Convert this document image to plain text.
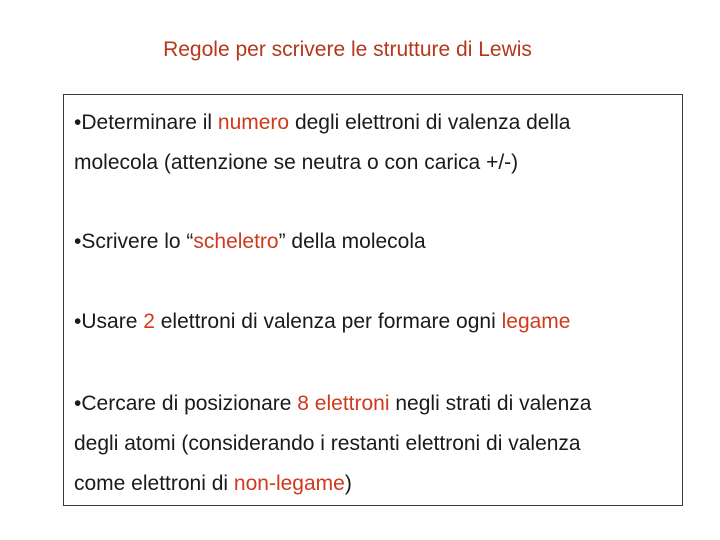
Regole per scrivere le strutture di Lewis
•Determinare il numero degli elettroni di valenza della
molecola (attenzione se neutra o con carica +/-)
•Scrivere lo “scheletro” della molecola
•Usare 2 elettroni di valenza per formare ogni legame
•Cercare di posizionare 8 elettroni negli strati di valenza
degli atomi (considerando i restanti elettroni di valenza
come elettroni di non-legame)
